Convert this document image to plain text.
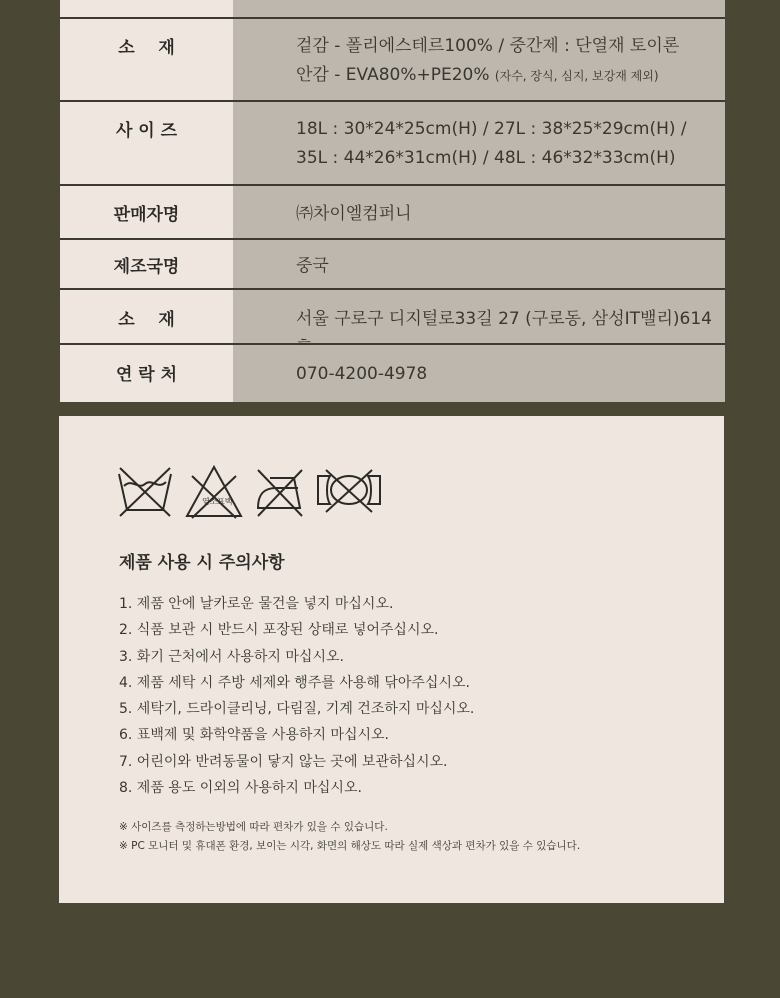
소    재	겉감 - 폴리에스테르100% / 중간제 : 단열재 토이론
안감 - EVA80%+PE20% (자수, 장식, 심지, 보강재 제외)
사 이 즈	18L : 30*24*25cm(H) / 27L : 38*25*29cm(H) /
35L : 44*26*31cm(H) / 48L : 46*32*33cm(H)
판매자명	㈜차이엘컴퍼니
제조국명	중국
소    재	서울 구로구 디지털로33길 27 (구로동, 삼성IT밸리)614
연 락 처	070-4200-4978
염소 표백
제품 사용 시 주의사항
1. 제품 안에 날카로운 물건을 넣지 마십시오.
2. 식품 보관 시 반드시 포장된 상태로 넣어주십시오.
3. 화기 근처에서 사용하지 마십시오.
4. 제품 세탁 시 주방 세제와 행주를 사용해 닦아주십시오.
5. 세탁기, 드라이클리닝, 다림질, 기계 건조하지 마십시오.
6. 표백제 및 화학약품을 사용하지 마십시오.
7. 어린이와 반려동물이 닿지 않는 곳에 보관하십시오.
8. 제품 용도 이외의 사용하지 마십시오.
※ 사이즈를 측정하는방법에 따라 편차가 있을 수 있습니다.
※ PC 모니터 및 휴대폰 환경, 보이는 시각, 화면의 해상도 따라 실제 색상과 편차가 있을 수 있습니다.
